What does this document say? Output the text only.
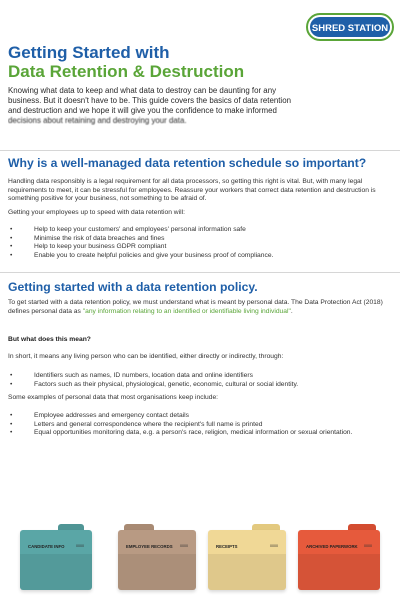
SHRED STATION
Getting Started with
Data Retention & Destruction
Knowing what data to keep and what data to destroy can be daunting for any
business. But it doesn't have to be. This guide covers the basics of data retention
and destruction and we hope it will give you the confidence to make informed
decisions about retaining and destroying your data.
Why is a well-managed data retention schedule so important?
Handling data responsibly is a legal requirement for all data processors, so getting this right is vital. But, with many legal requirements to meet, it can be stressful for employees. Reassure your workers that correct data retention and destruction is something positive for your business, not something to be afraid of.
Getting your employees up to speed with data retention will:
• Help to keep your customers' and employees' personal information safe
• Minimise the risk of data breaches and fines
• Help to keep your business GDPR compliant
• Enable you to create helpful policies and give your business proof of compliance.
Getting started with a data retention policy.
To get started with a data retention policy, we must understand what is meant by personal data. The Data Protection Act (2018) defines personal data as "any information relating to an identified or identifiable living individual".
But what does this mean?
In short, it means any living person who can be identified, either directly or indirectly, through:
• Identifiers such as names, ID numbers, location data and online identifiers
• Factors such as their physical, physiological, genetic, economic, cultural or social identity.
Some examples of personal data that most organisations keep include:
• Employee addresses and emergency contact details
• Letters and general correspondence where the recipient's full name is printed
• Equal opportunities monitoring data, e.g. a person's race, religion, medical information or sexual orientation.
CANDIDATE INFO	0000	EMPLOYEE RECORDS 0000	RECEIPTS	0000	ARCHIVED PAPERWORK 0000
